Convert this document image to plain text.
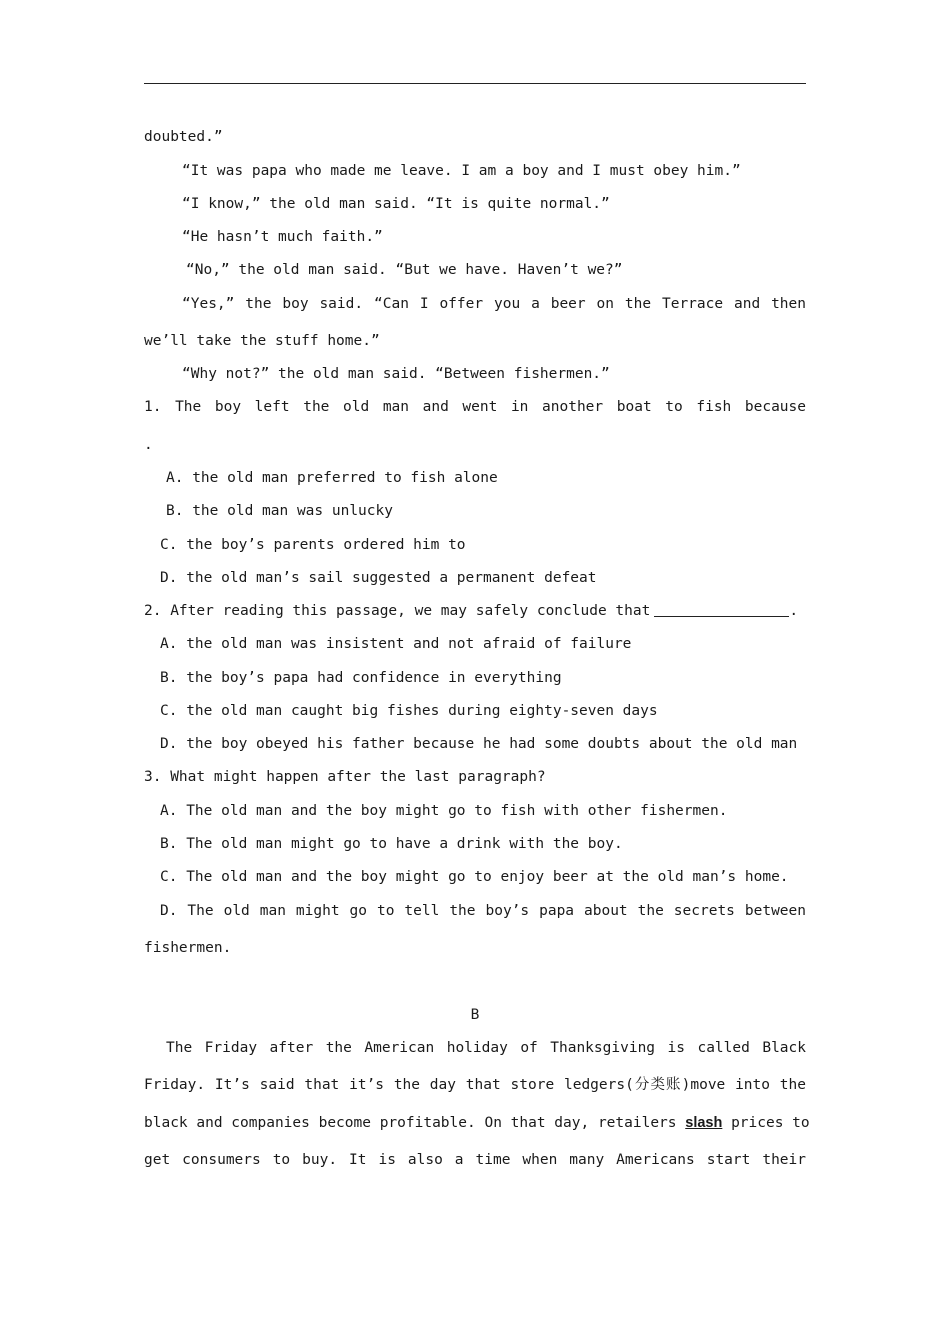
doubted.”
“It was papa who made me leave. I am a boy and I must obey him.”
“I know,” the old man said. “It is quite normal.”
“He hasn’t much faith.”
“No,” the old man said. “But we have. Haven’t we?”
“Yes,” the boy said. “Can I offer you a beer on the Terrace and then
we’ll take the stuff home.”
“Why not?” the old man said. “Between fishermen.”
1. The boy left the old man and went in another boat to fish because
.
A. the old man preferred to fish alone
B. the old man was unlucky
C. the boy’s parents ordered him to
D. the old man’s sail suggested a permanent defeat
2. After reading this passage, we may safely conclude that	.
A. the old man was insistent and not afraid of failure
B. the boy’s papa had confidence in everything
C. the old man caught big fishes during eighty-seven days
D. the boy obeyed his father because he had some doubts about the old man
3. What might happen after the last paragraph?
A. The old man and the boy might go to fish with other fishermen.
B. The old man might go to have a drink with the boy.
C. The old man and the boy might go to enjoy beer at the old man’s home.
D. The old man might go to tell the boy’s papa about the secrets between
fishermen.
B
The Friday after the American holiday of Thanksgiving is called Black
Friday. It’s said that it’s the day that store ledgers(分类账)move into the
black and companies become profitable. On that day, retailers slash prices to
get consumers to buy. It is also a time when many Americans start their
